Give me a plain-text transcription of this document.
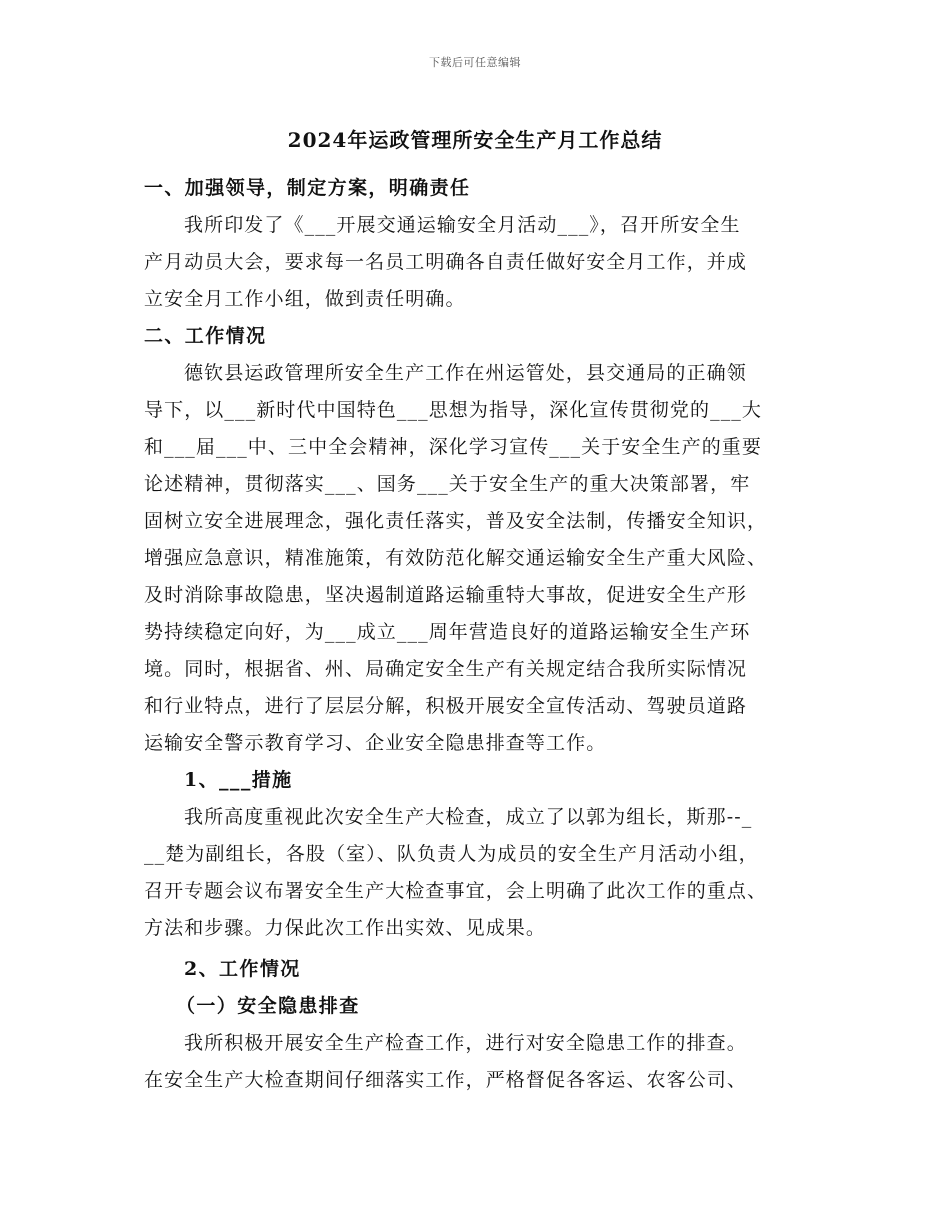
下载后可任意编辑
2024年运政管理所安全生产月工作总结
一、加强领导，制定方案，明确责任
我所印发了《___开展交通运输安全月活动___》，召开所安全生
产月动员大会，要求每一名员工明确各自责任做好安全月工作，并成
立安全月工作小组，做到责任明确。
二、工作情况
德钦县运政管理所安全生产工作在州运管处，县交通局的正确领
导下，以___新时代中国特色___思想为指导，深化宣传贯彻党的___大
和___届___中、三中全会精神，深化学习宣传___关于安全生产的重要
论述精神，贯彻落实___、国务___关于安全生产的重大决策部署，牢
固树立安全进展理念，强化责任落实，普及安全法制，传播安全知识，
增强应急意识，精准施策，有效防范化解交通运输安全生产重大风险、
及时消除事故隐患，坚决遏制道路运输重特大事故，促进安全生产形
势持续稳定向好，为___成立___周年营造良好的道路运输安全生产环
境。同时，根据省、州、局确定安全生产有关规定结合我所实际情况
和行业特点，进行了层层分解，积极开展安全宣传活动、驾驶员道路
运输安全警示教育学习、企业安全隐患排查等工作。
1、___措施
我所高度重视此次安全生产大检查，成立了以郭为组长，斯那--_
__楚为副组长，各股（室）、队负责人为成员的安全生产月活动小组，
召开专题会议布署安全生产大检查事宜，会上明确了此次工作的重点、
方法和步骤。力保此次工作出实效、见成果。
2、工作情况
（一）安全隐患排查
我所积极开展安全生产检查工作，进行对安全隐患工作的排查。
在安全生产大检查期间仔细落实工作，严格督促各客运、农客公司、
